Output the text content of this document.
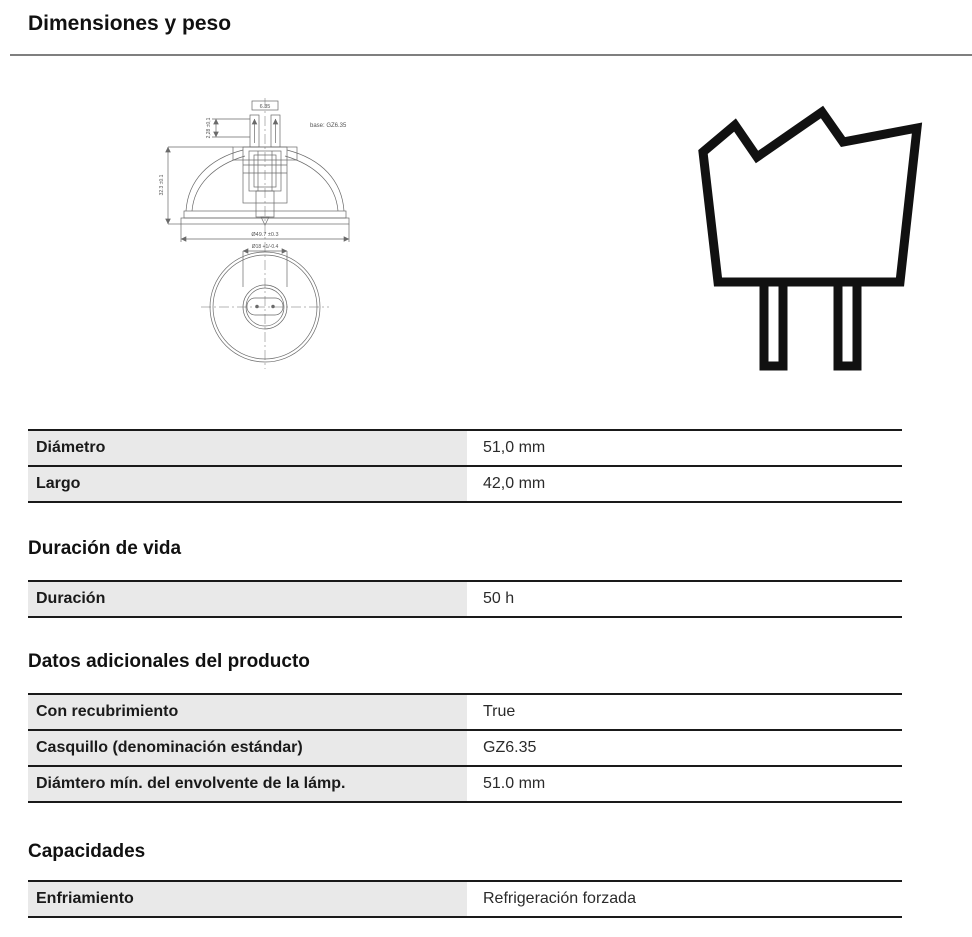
Dimensiones y peso
6.35
base: GZ6.35
2,28 ±0,1
32.3 ±0.1
Ø49.7 ±0.3
Ø18 +1/-0.4
Diámetro	51,0 mm
Largo	42,0 mm
Duración de vida
Duración	50 h
Datos adicionales del producto
Con recubrimiento	True
Casquillo (denominación estándar)	GZ6.35
Diámtero mín. del envolvente de la lámp.	51.0 mm
Capacidades
Enfriamiento	Refrigeración forzada
